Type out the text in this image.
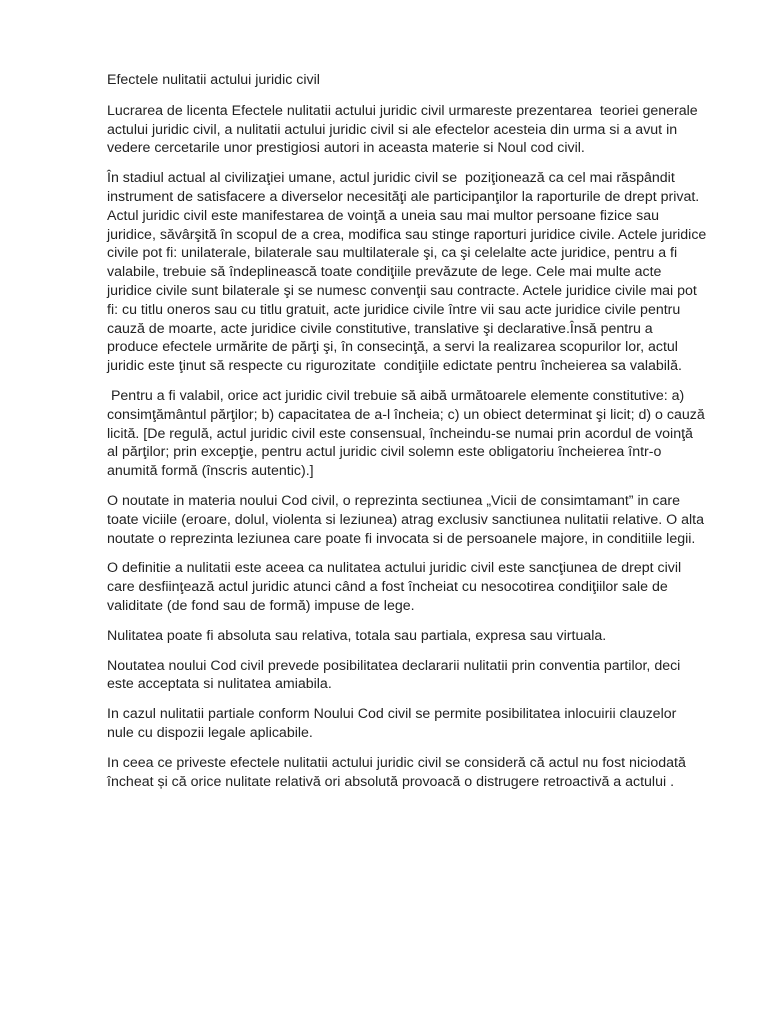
Efectele nulitatii actului juridic civil

Lucrarea de licenta Efectele nulitatii actului juridic civil urmareste prezentarea  teoriei generale actului juridic civil, a nulitatii actului juridic civil si ale efectelor acesteia din urma si a avut in vedere cercetarile unor prestigiosi autori in aceasta materie si Noul cod civil.

În stadiul actual al civilizaţiei umane, actul juridic civil se  poziţionează ca cel mai răspândit instrument de satisfacere a diverselor necesităţi ale participanţilor la raporturile de drept privat.

Actul juridic civil este manifestarea de voinţă a uneia sau mai multor persoane fizice sau juridice, săvârşită în scopul de a crea, modifica sau stinge raporturi juridice civile. Actele juridice civile pot fi: unilaterale, bilaterale sau multilaterale şi, ca şi celelalte acte juridice, pentru a fi valabile, trebuie să îndeplinească toate condiţiile prevăzute de lege. Cele mai multe acte juridice civile sunt bilaterale şi se numesc convenţii sau contracte. Actele juridice civile mai pot fi: cu titlu oneros sau cu titlu gratuit, acte juridice civile între vii sau acte juridice civile pentru cauză de moarte, acte juridice civile constitutive, translative şi declarative.Însă pentru a produce efectele urmărite de părţi şi, în consecinţă, a servi la realizarea scopurilor lor, actul juridic este ţinut să respecte cu rigurozitate  condiţiile edictate pentru încheierea sa valabilă.

Pentru a fi valabil, orice act juridic civil trebuie să aibă următoarele elemente constitutive: a) consimţământul părţilor; b) capacitatea de a-l încheia; c) un obiect determinat şi licit; d) o cauză licită. [De regulă, actul juridic civil este consensual, încheindu-se numai prin acordul de voinţă al părţilor; prin excepţie, pentru actul juridic civil solemn este obligatoriu încheierea într-o anumită formă (înscris autentic).]

O noutate in materia noului Cod civil, o reprezinta sectiunea „Vicii de consimtamant” in care toate viciile (eroare, dolul, violenta si leziunea) atrag exclusiv sanctiunea nulitatii relative. O alta noutate o reprezinta leziunea care poate fi invocata si de persoanele majore, in conditiile legii.

O definitie a nulitatii este aceea ca nulitatea actului juridic civil este sancţiunea de drept civil care desfiinţează actul juridic atunci când a fost încheiat cu nesocotirea condiţiilor sale de validitate (de fond sau de formă) impuse de lege.

Nulitatea poate fi absoluta sau relativa, totala sau partiala, expresa sau virtuala.

Noutatea noului Cod civil prevede posibilitatea declararii nulitatii prin conventia partilor, deci este acceptata si nulitatea amiabila.

In cazul nulitatii partiale conform Noului Cod civil se permite posibilitatea inlocuirii clauzelor nule cu dispozii legale aplicabile.

In ceea ce priveste efectele nulitatii actului juridic civil se consideră că actul nu fost niciodată încheat și că orice nulitate relativă ori absolută provoacă o distrugere retroactivă a actului .
